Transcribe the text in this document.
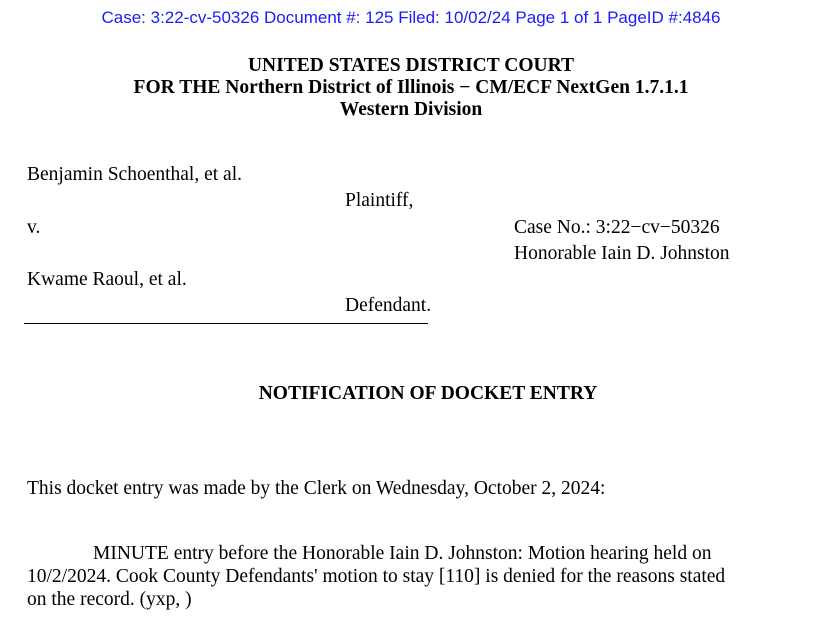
Case: 3:22-cv-50326 Document #: 125 Filed: 10/02/24 Page 1 of 1 PageID #:4846
UNITED STATES DISTRICT COURT
FOR THE Northern District of Illinois − CM/ECF NextGen 1.7.1.1
Western Division
Benjamin Schoenthal, et al.
Plaintiff,
v.	Case No.: 3:22−cv−50326
Honorable Iain D. Johnston
Kwame Raoul, et al.
Defendant.
NOTIFICATION OF DOCKET ENTRY
This docket entry was made by the Clerk on Wednesday, October 2, 2024:
MINUTE entry before the Honorable Iain D. Johnston: Motion hearing held on
10/2/2024. Cook County Defendants' motion to stay [110] is denied for the reasons stated
on the record. (yxp, )
